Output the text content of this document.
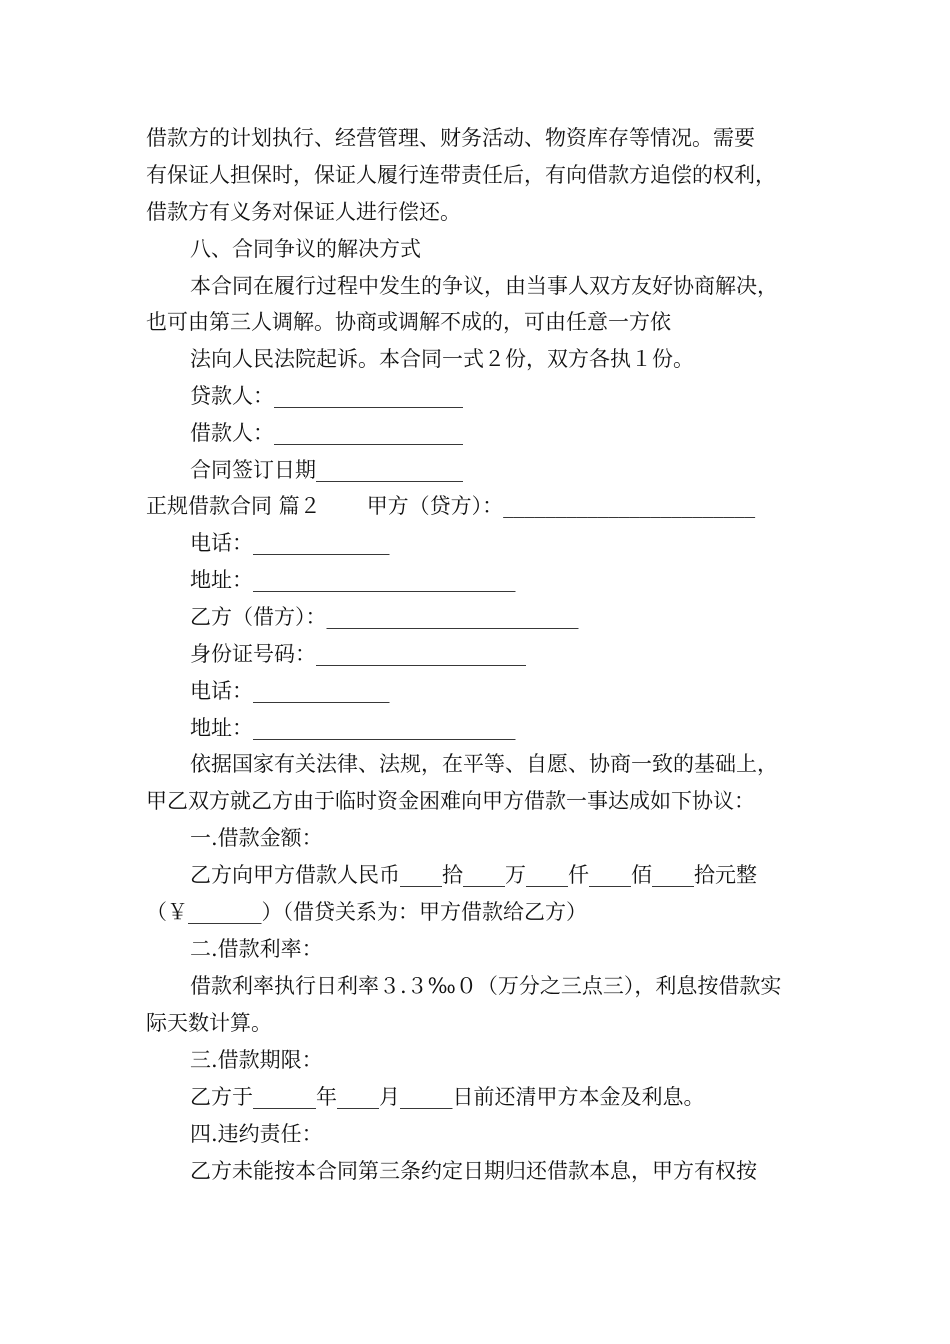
借款方的计划执行、经营管理、财务活动、物资库存等情况。需要
有保证人担保时，保证人履行连带责任后，有向借款方追偿的权利，
借款方有义务对保证人进行偿还。
八、合同争议的解决方式
本合同在履行过程中发生的争议，由当事人双方友好协商解决，
也可由第三人调解。协商或调解不成的，可由任意一方依
法向人民法院起诉。本合同一式２份，双方各执１份。
贷款人：__________________
借款人：__________________
合同签订日期______________
正规借款合同 篇２ 甲方（贷方）：________________________
电话：_____________
地址：_________________________
乙方（借方）：________________________
身份证号码：____________________
电话：_____________
地址：_________________________
依据国家有关法律、法规，在平等、自愿、协商一致的基础上，
甲乙双方就乙方由于临时资金困难向甲方借款一事达成如下协议：
一.借款金额：
乙方向甲方借款人民币____拾____万____仟____佰____拾元整
（￥_______）（借贷关系为：甲方借款给乙方）
二.借款利率：
借款利率执行日利率３.３‰０（万分之三点三），利息按借款实
际天数计算。
三.借款期限：
乙方于______年____月_____日前还清甲方本金及利息。
四.违约责任：
乙方未能按本合同第三条约定日期归还借款本息，甲方有权按
